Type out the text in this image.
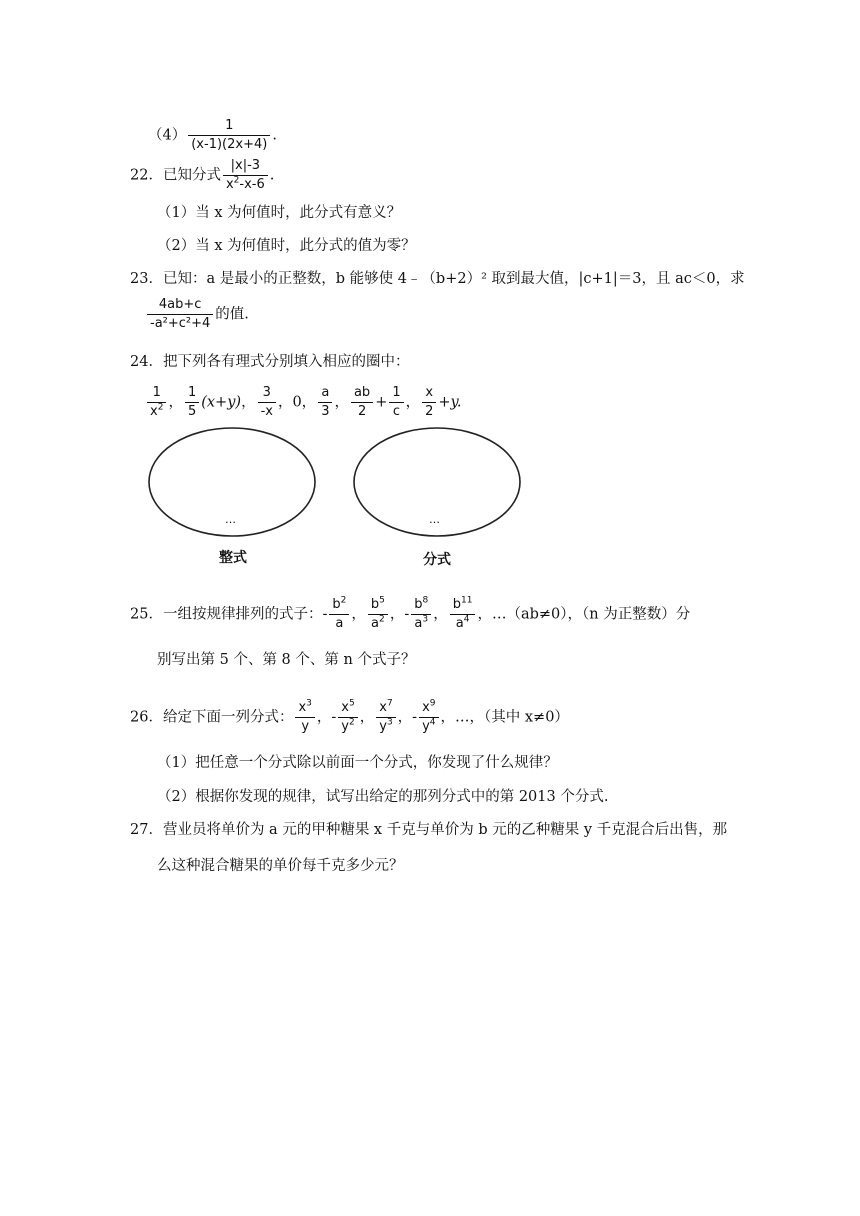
$(4) \frac{1}{(x-1)(2x+4)}$ .
22．已知分式 $\frac{|x|-3}{x^2-x-6}$ .
（1）当 x 为何值时，此分式有意义？
（2）当 x 为何值时，此分式的值为零？
23．已知：a 是最小的正整数，b 能够使 4﹣（b+2）² 取到最大值，|c+1|＝3，且 ac＜0，求
$\frac{4ab+c}{\text{-a²+c²+4}}$ 的值.
24．把下列各有理式分别填入相应的圈中：
$\frac{1}{x^2}$ ， $\frac{1}{5} (x+y)$， $\frac{3}{-x}$ ，0， $\frac{a}{3}$ ， $\frac{ab}{2} + \frac{1}{c}$ ， $\frac{x}{2} +y$.
…	…
整式	分式
25．一组按规律排列的式子：- $\frac{b^2}{a}$ ， $\frac{b^5}{a^2}$ ，- $\frac{b^8}{a^3}$ ， $\frac{b^{11}}{a^4}$ ，…（ab≠0），（n 为正整数）分
别写出第 5 个、第 8 个、第 n 个式子？
26．给定下面一列分式： $\frac{x^3}{y}$ ，- $\frac{x^5}{y^2}$ ， $\frac{x^7}{y^3}$ ，- $\frac{x^9}{y^4}$ ，…，（其中 x≠0）
（1）把任意一个分式除以前面一个分式，你发现了什么规律？
（2）根据你发现的规律，试写出给定的那列分式中的第 2013 个分式.
27．营业员将单价为 a 元的甲种糖果 x 千克与单价为 b 元的乙种糖果 y 千克混合后出售，那
么这种混合糖果的单价每千克多少元？
